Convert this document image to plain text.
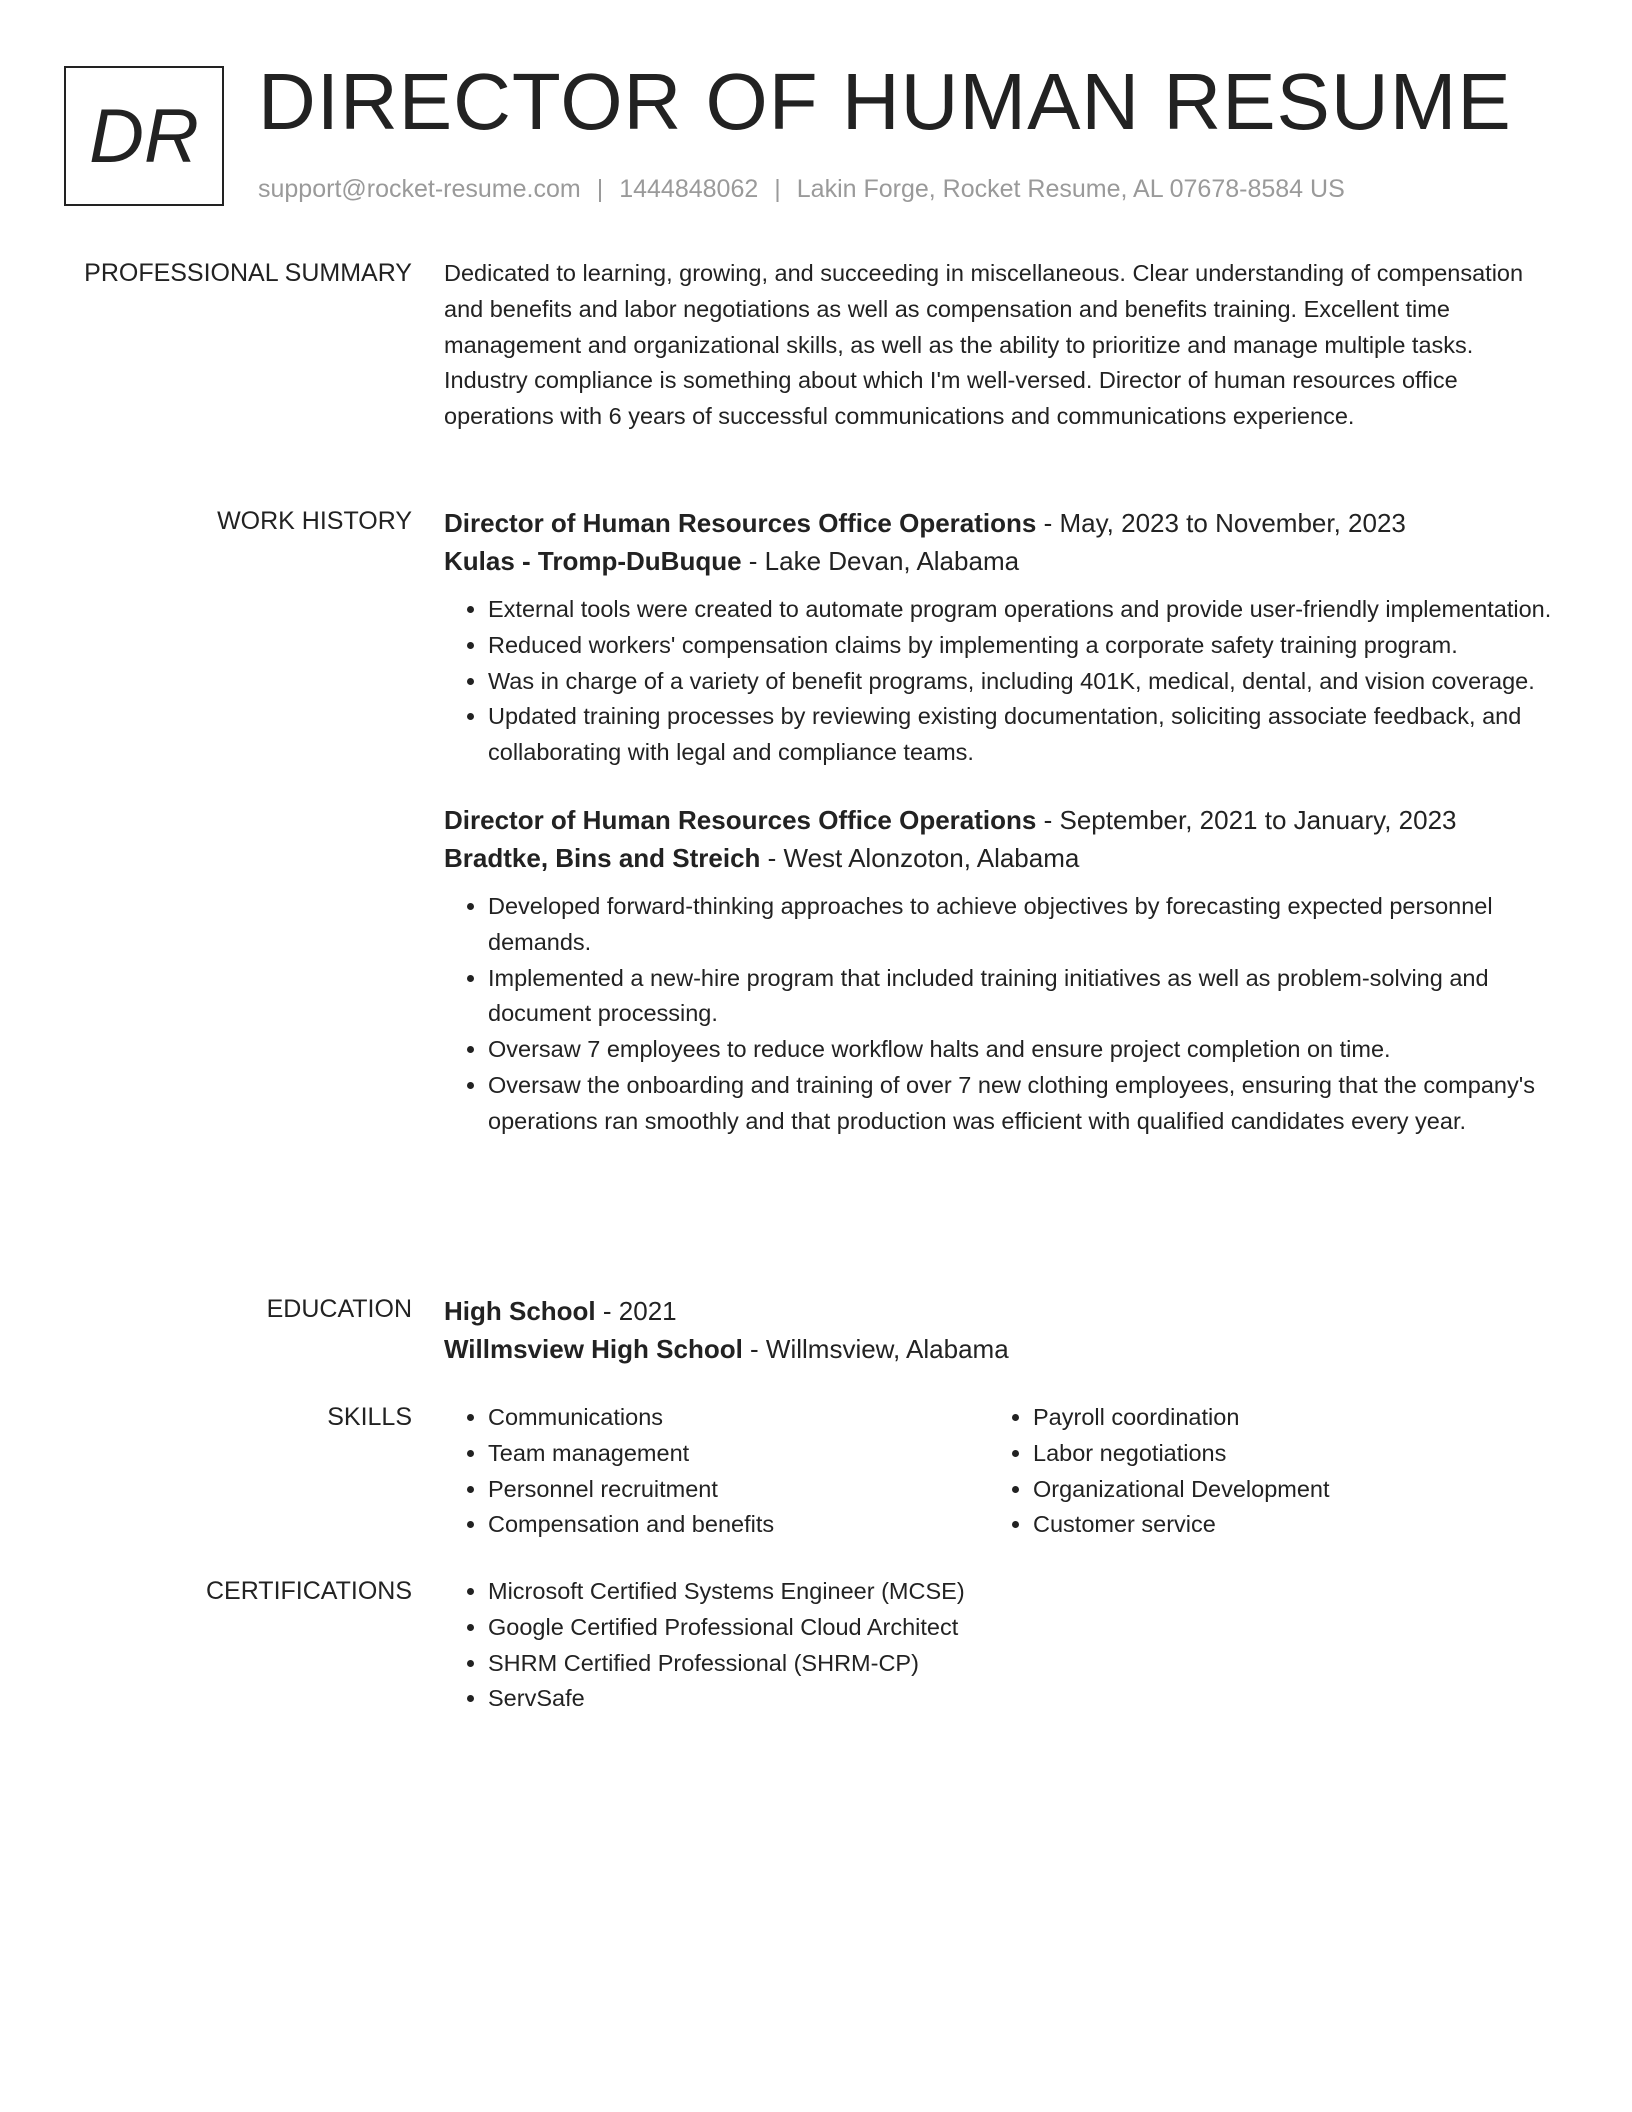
DR DIRECTOR OF HUMAN RESUME
support@rocket-resume.com | 1444848062 | Lakin Forge, Rocket Resume, AL 07678-8584 US
PROFESSIONAL SUMMARY Dedicated to learning, growing, and succeeding in miscellaneous. Clear understanding of compensation and benefits and labor negotiations as well as compensation and benefits training. Excellent time management and organizational skills, as well as the ability to prioritize and manage multiple tasks. Industry compliance is something about which I'm well-versed. Director of human resources office operations with 6 years of successful communications and communications experience.

WORK HISTORY Director of Human Resources Office Operations - May, 2023 to November, 2023

Kulas - Tromp-DuBuque - Lake Devan, Alabama

• External tools were created to automate program operations and provide user-friendly implementation.
• Reduced workers' compensation claims by implementing a corporate safety training program.
• Was in charge of a variety of benefit programs, including 401K, medical, dental, and vision coverage.
• Updated training processes by reviewing existing documentation, soliciting associate feedback, and collaborating with legal and compliance teams.

Director of Human Resources Office Operations - September, 2021 to January, 2023

Bradtke, Bins and Streich - West Alonzoton, Alabama

• Developed forward-thinking approaches to achieve objectives by forecasting expected personnel demands.
• Implemented a new-hire program that included training initiatives as well as problem-solving and document processing.
• Oversaw 7 employees to reduce workflow halts and ensure project completion on time.
• Oversaw the onboarding and training of over 7 new clothing employees, ensuring that the company's operations ran smoothly and that production was efficient with qualified candidates every year.
EDUCATION High School - 2021

Willmsview High School - Willmsview, Alabama

SKILLS	• Communications
• Team management
• Personnel recruitment
• Compensation and benefits
• Payroll coordination
• Labor negotiations
• Organizational Development
• Customer service
CERTIFICATIONS	• Microsoft Certified Systems Engineer (MCSE)
• Google Certified Professional Cloud Architect
• SHRM Certified Professional (SHRM-CP)
• ServSafe
